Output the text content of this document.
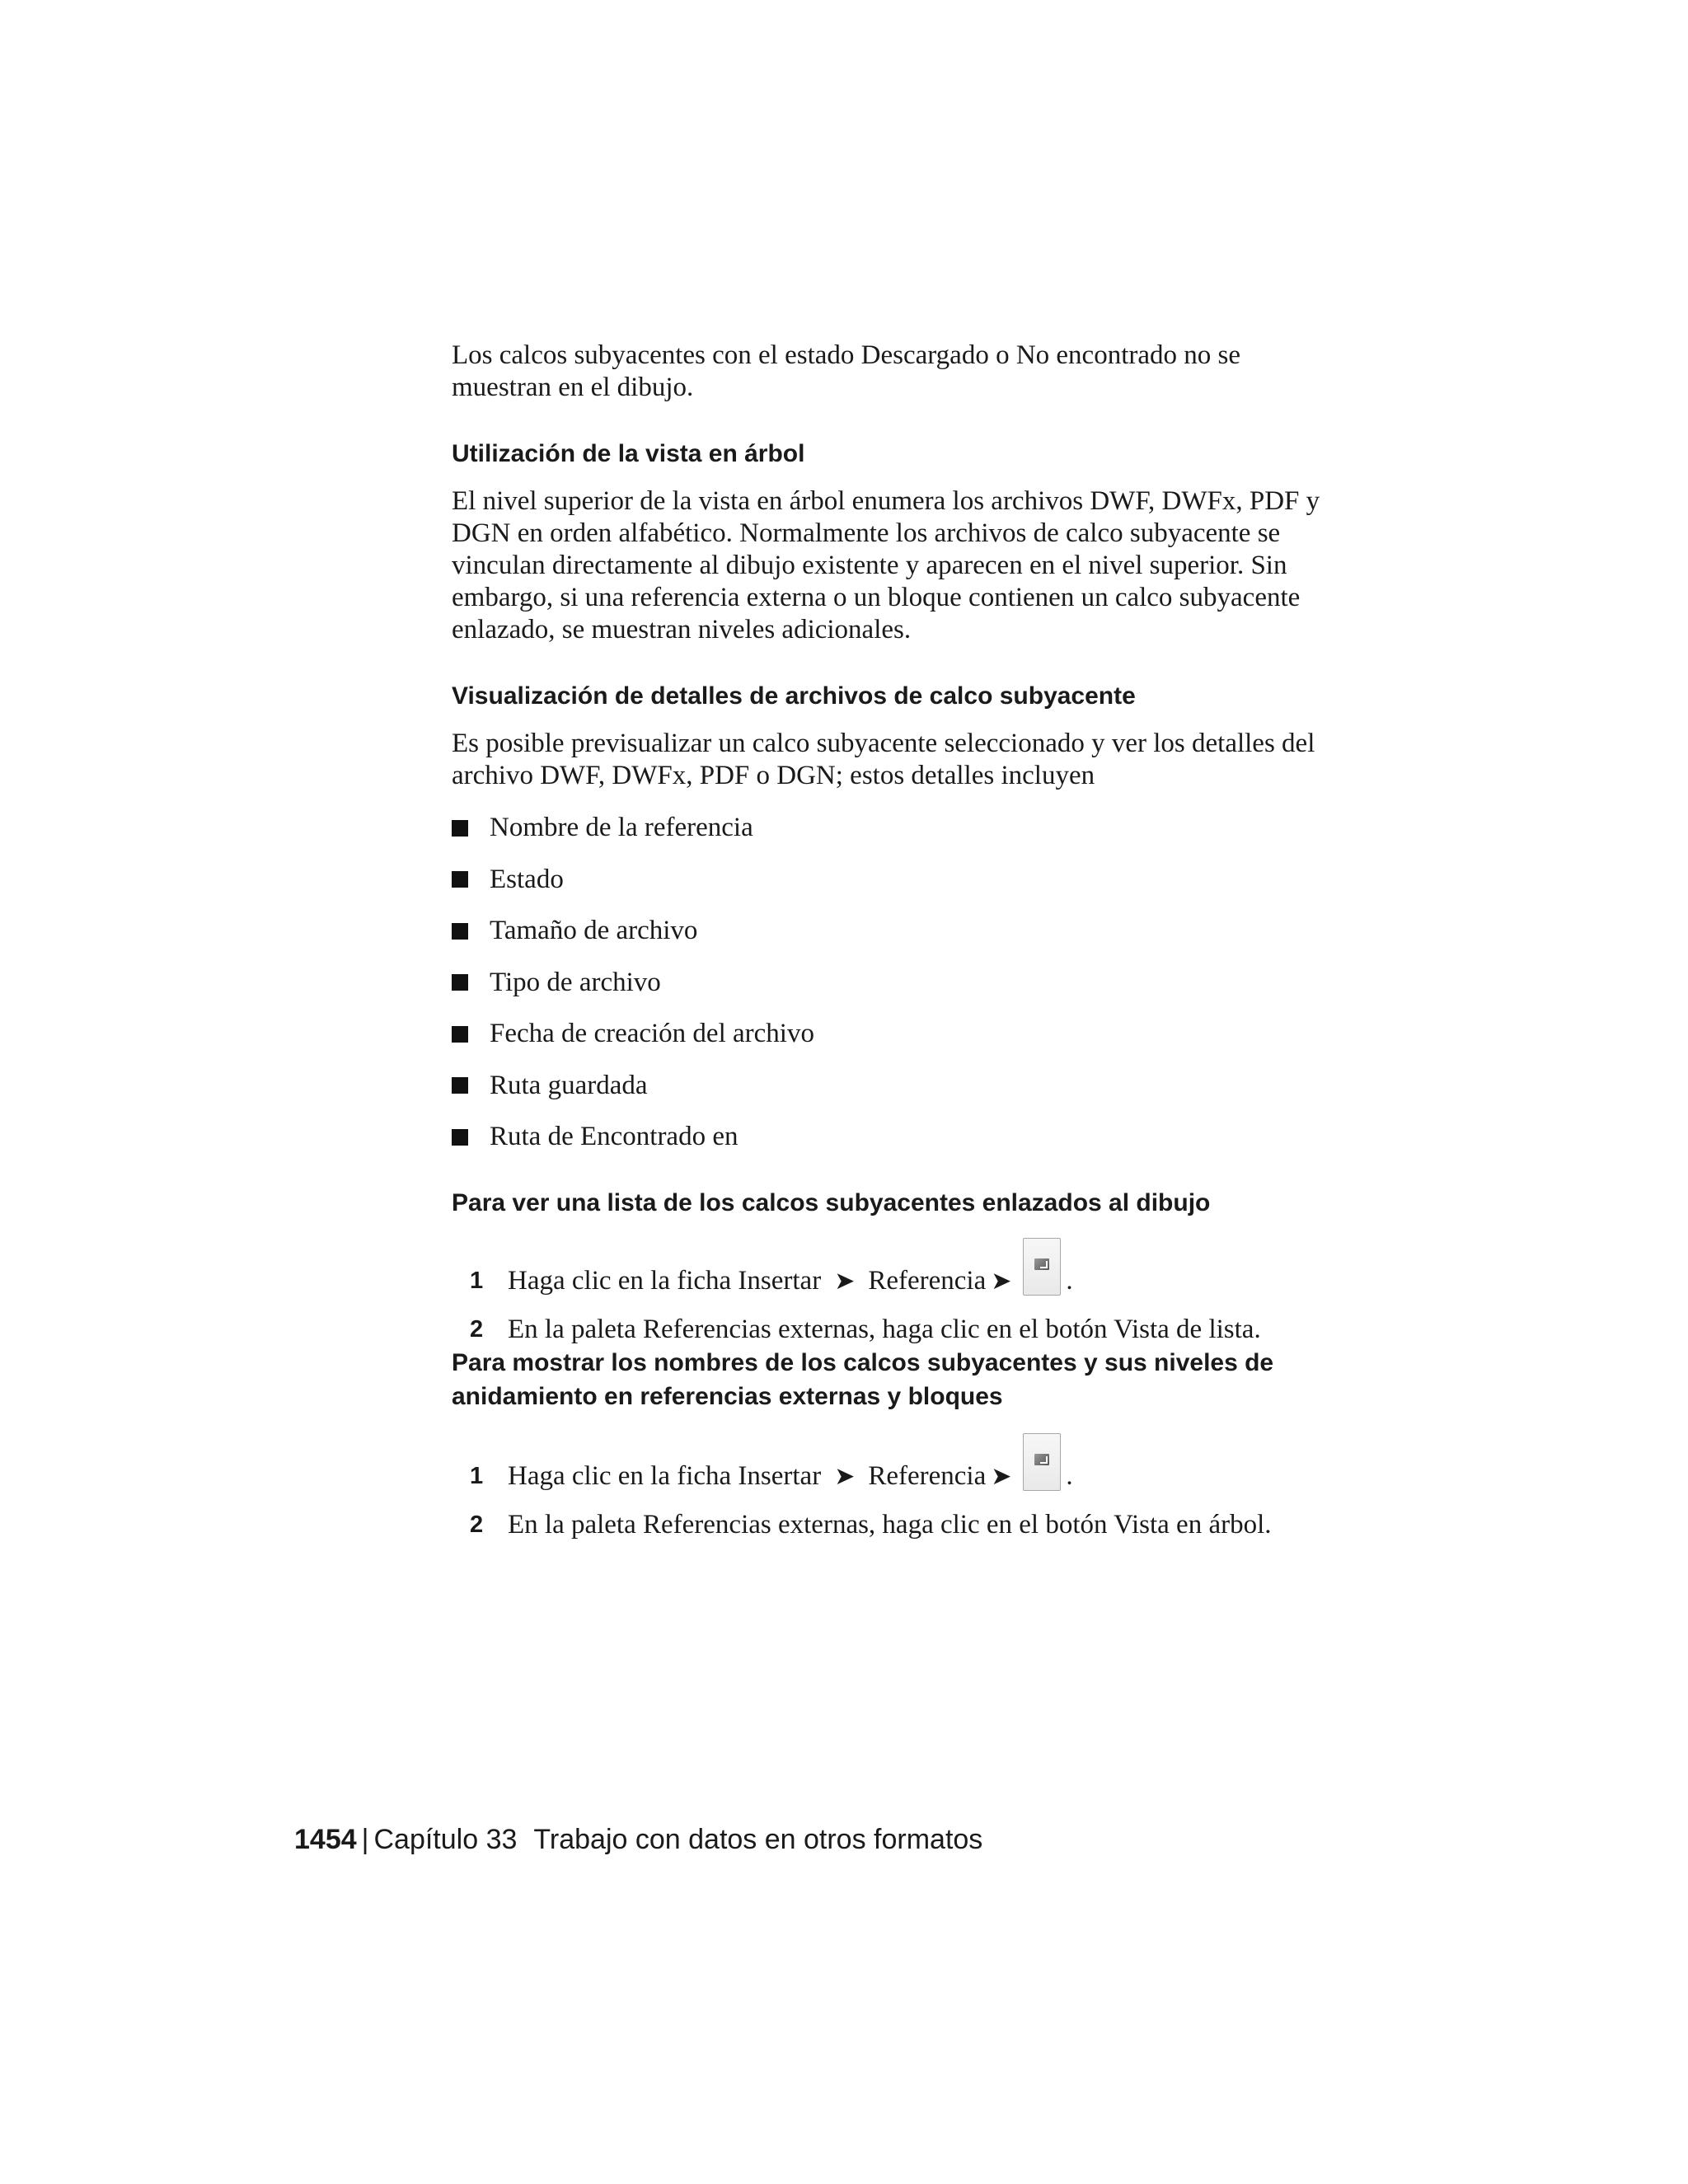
Los calcos subyacentes con el estado Descargado o No encontrado no se muestran en el dibujo.

Utilización de la vista en árbol

El nivel superior de la vista en árbol enumera los archivos DWF, DWFx, PDF y DGN en orden alfabético. Normalmente los archivos de calco subyacente se vinculan directamente al dibujo existente y aparecen en el nivel superior. Sin embargo, si una referencia externa o un bloque contienen un calco subyacente enlazado, se muestran niveles adicionales.

Visualización de detalles de archivos de calco subyacente

Es posible previsualizar un calco subyacente seleccionado y ver los detalles del archivo DWF, DWFx, PDF o DGN; estos detalles incluyen

Nombre de la referencia
Estado
Tamaño de archivo
Tipo de archivo
Fecha de creación del archivo
Ruta guardada
Ruta de Encontrado en
Para ver una lista de los calcos subyacentes enlazados al dibujo
1 Haga clic en la ficha Insertar ➤ Referencia ➤ .
2 En la paleta Referencias externas, haga clic en el botón Vista de lista.
Para mostrar los nombres de los calcos subyacentes y sus niveles de anidamiento en referencias externas y bloques
1 Haga clic en la ficha Insertar ➤ Referencia ➤ .
2 En la paleta Referencias externas, haga clic en el botón Vista en árbol.
1454 | Capítulo 33 Trabajo con datos en otros formatos
